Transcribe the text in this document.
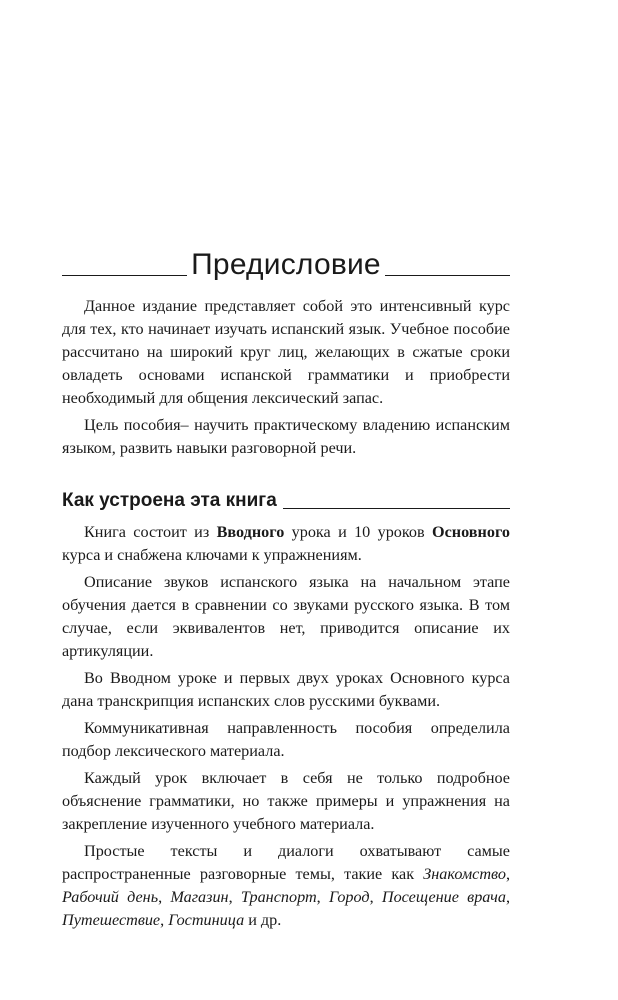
Предисловие

Данное издание представляет собой это интенсивный курс для тех, кто начинает изучать испанский язык. Учебное пособие рассчитано на широкий круг лиц, желающих в сжатые сроки овладеть основами испанской грамматики и приобрести необходимый для общения лексический запас.

Цель пособия– научить практическому владению испанским языком, развить навыки разговорной речи.

Как устроена эта книга

Книга состоит из Вводного урока и 10 уроков Основного курса и снабжена ключами к упражнениям.

Описание звуков испанского языка на начальном этапе обучения дается в сравнении со звуками русского языка. В том случае, если эквивалентов нет, приводится описание их артикуляции.

Во Вводном уроке и первых двух уроках Основного курса дана транскрипция испанских слов русскими буквами.

Коммуникативная направленность пособия определила подбор лексического материала.

Каждый урок включает в себя не только подробное объяснение грамматики, но также примеры и упражнения на закрепление изученного учебного материала.

Простые тексты и диалоги охватывают самые распространенные разговорные темы, такие как Знакомство, Рабочий день, Магазин, Транспорт, Город, Посещение врача, Путешествие, Гостиница и др.
